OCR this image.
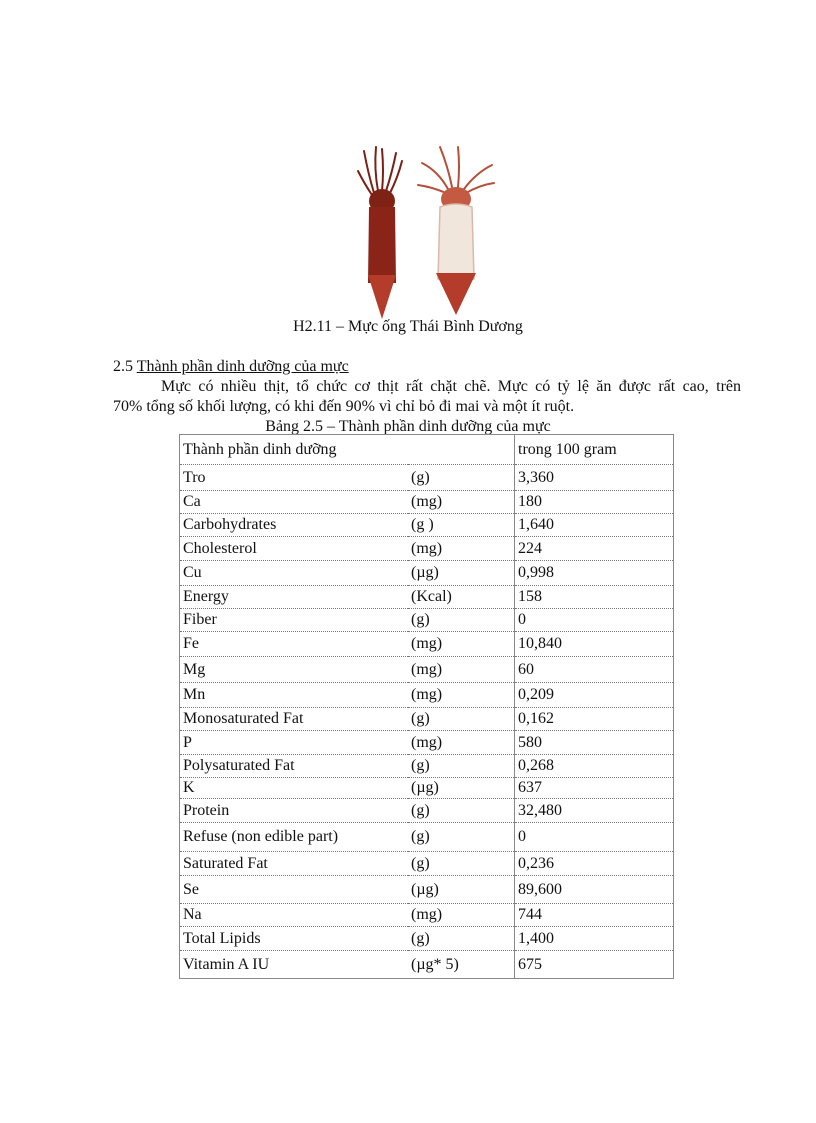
H2.11 – Mực ống Thái Bình Dương
2.5 Thành phần dinh dưỡng của mực
Mực có nhiều thịt, tổ chức cơ thịt rất chặt chẽ. Mực có tỷ lệ ăn được rất cao, trên
70% tổng số khối lượng, có khi đến 90% vì chỉ bỏ đi mai và một ít ruột.
Bảng 2.5 – Thành phần dinh dưỡng của mực
Thành phần dinh dưỡng		trong 100 gram
Tro	(g)	3,360
Ca	(mg)	180
Carbohydrates	(g )	1,640
Cholesterol	(mg)	224
Cu	(µg)	0,998
Energy	(Kcal)	158
Fiber	(g)	0
Fe	(mg)	10,840
Mg	(mg)	60
Mn	(mg)	0,209
Monosaturated Fat	(g)	0,162
P	(mg)	580
Polysaturated Fat	(g)	0,268
K	(µg)	637
Protein	(g)	32,480
Refuse (non edible part)	(g)	0
Saturated Fat	(g)	0,236
Se	(µg)	89,600
Na	(mg)	744
Total Lipids	(g)	1,400
Vitamin A IU	(µg* 5)	675
